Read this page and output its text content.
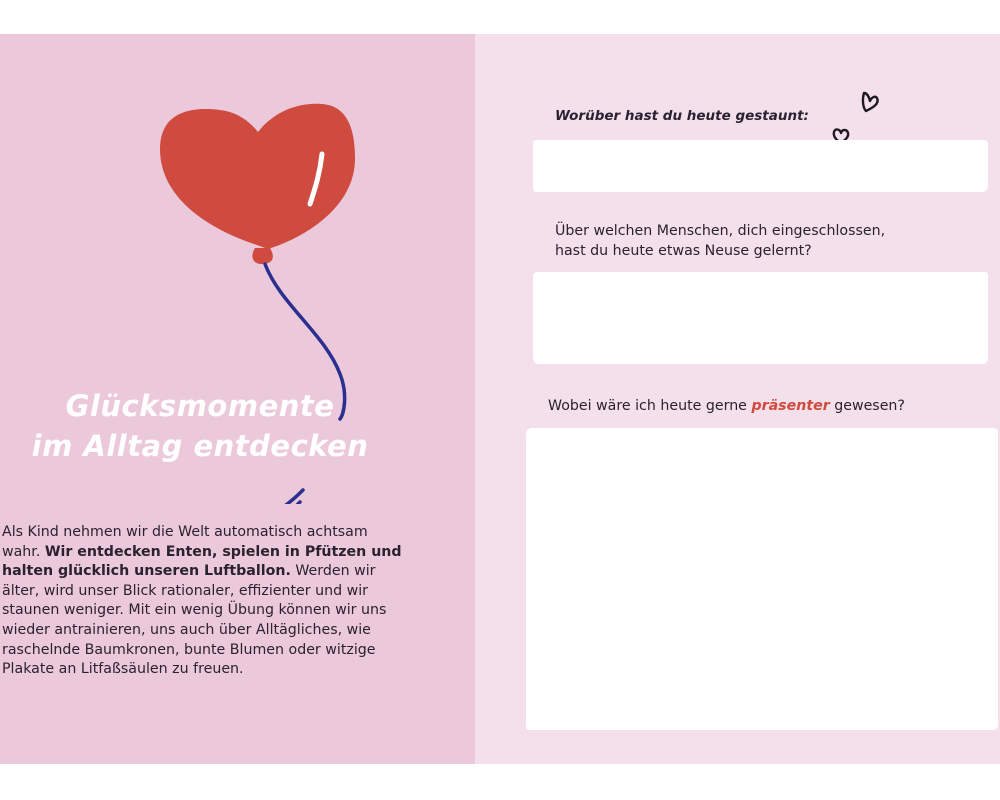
Glücksmomente
im Alltag entdecken
Als Kind nehmen wir die Welt automatisch achtsam wahr. Wir entdecken Enten, spielen in Pfützen und halten glücklich unseren Luftballon. Werden wir älter, wird unser Blick rationaler, effizienter und wir staunen weniger. Mit ein wenig Übung können wir uns wieder antrainieren, uns auch über Alltägliches, wie raschelnde Baumkronen, bunte Blumen oder witzige Plakate an Litfaßsäulen zu freuen.
Worüber hast du heute gestaunt:
Über welchen Menschen, dich eingeschlossen,
hast du heute etwas Neuse gelernt?
Wobei wäre ich heute gerne präsenter gewesen?
